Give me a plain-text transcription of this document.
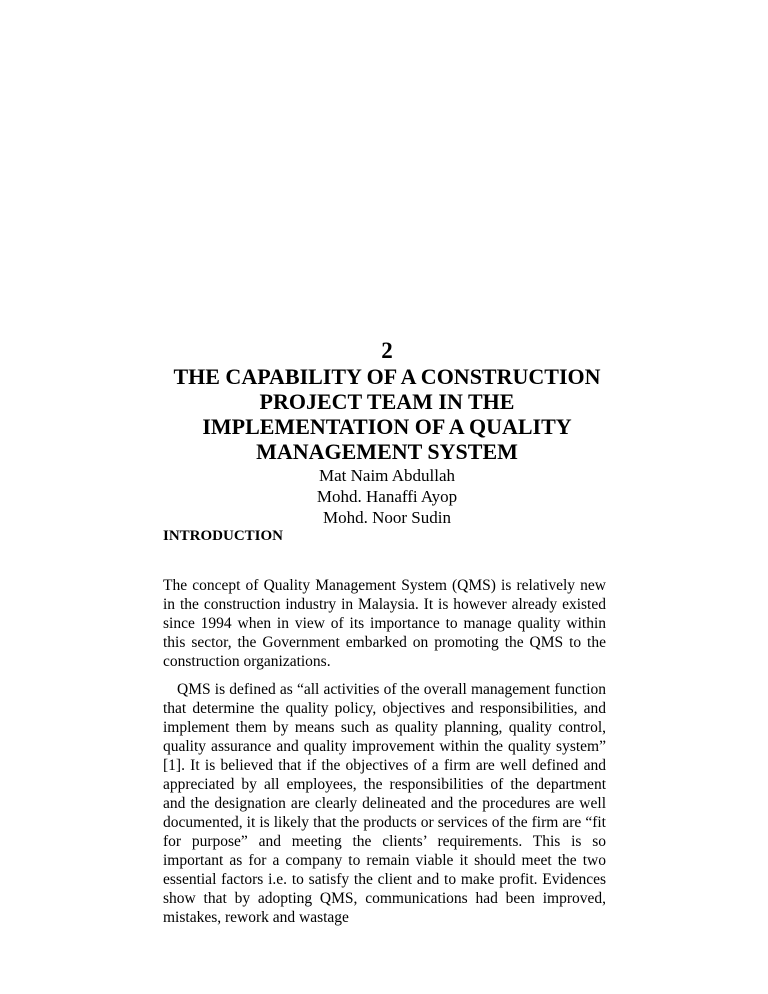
2
THE CAPABILITY OF A CONSTRUCTION
PROJECT TEAM IN THE
IMPLEMENTATION OF A QUALITY
MANAGEMENT SYSTEM
Mat Naim Abdullah
Mohd. Hanaffi Ayop
Mohd. Noor Sudin
INTRODUCTION

The concept of Quality Management System (QMS) is relatively new in the construction industry in Malaysia. It is however already existed since 1994 when in view of its importance to manage quality within this sector, the Government embarked on promoting the QMS to the construction organizations.

QMS is defined as “all activities of the overall management function that determine the quality policy, objectives and responsibilities, and implement them by means such as quality planning, quality control, quality assurance and quality improvement within the quality system” [1]. It is believed that if the objectives of a firm are well defined and appreciated by all employees, the responsibilities of the department and the designation are clearly delineated and the procedures are well documented, it is likely that the products or services of the firm are “fit for purpose” and meeting the clients’ requirements. This is so important as for a company to remain viable it should meet the two essential factors i.e. to satisfy the client and to make profit. Evidences show that by adopting QMS, communications had been improved, mistakes, rework and wastage
